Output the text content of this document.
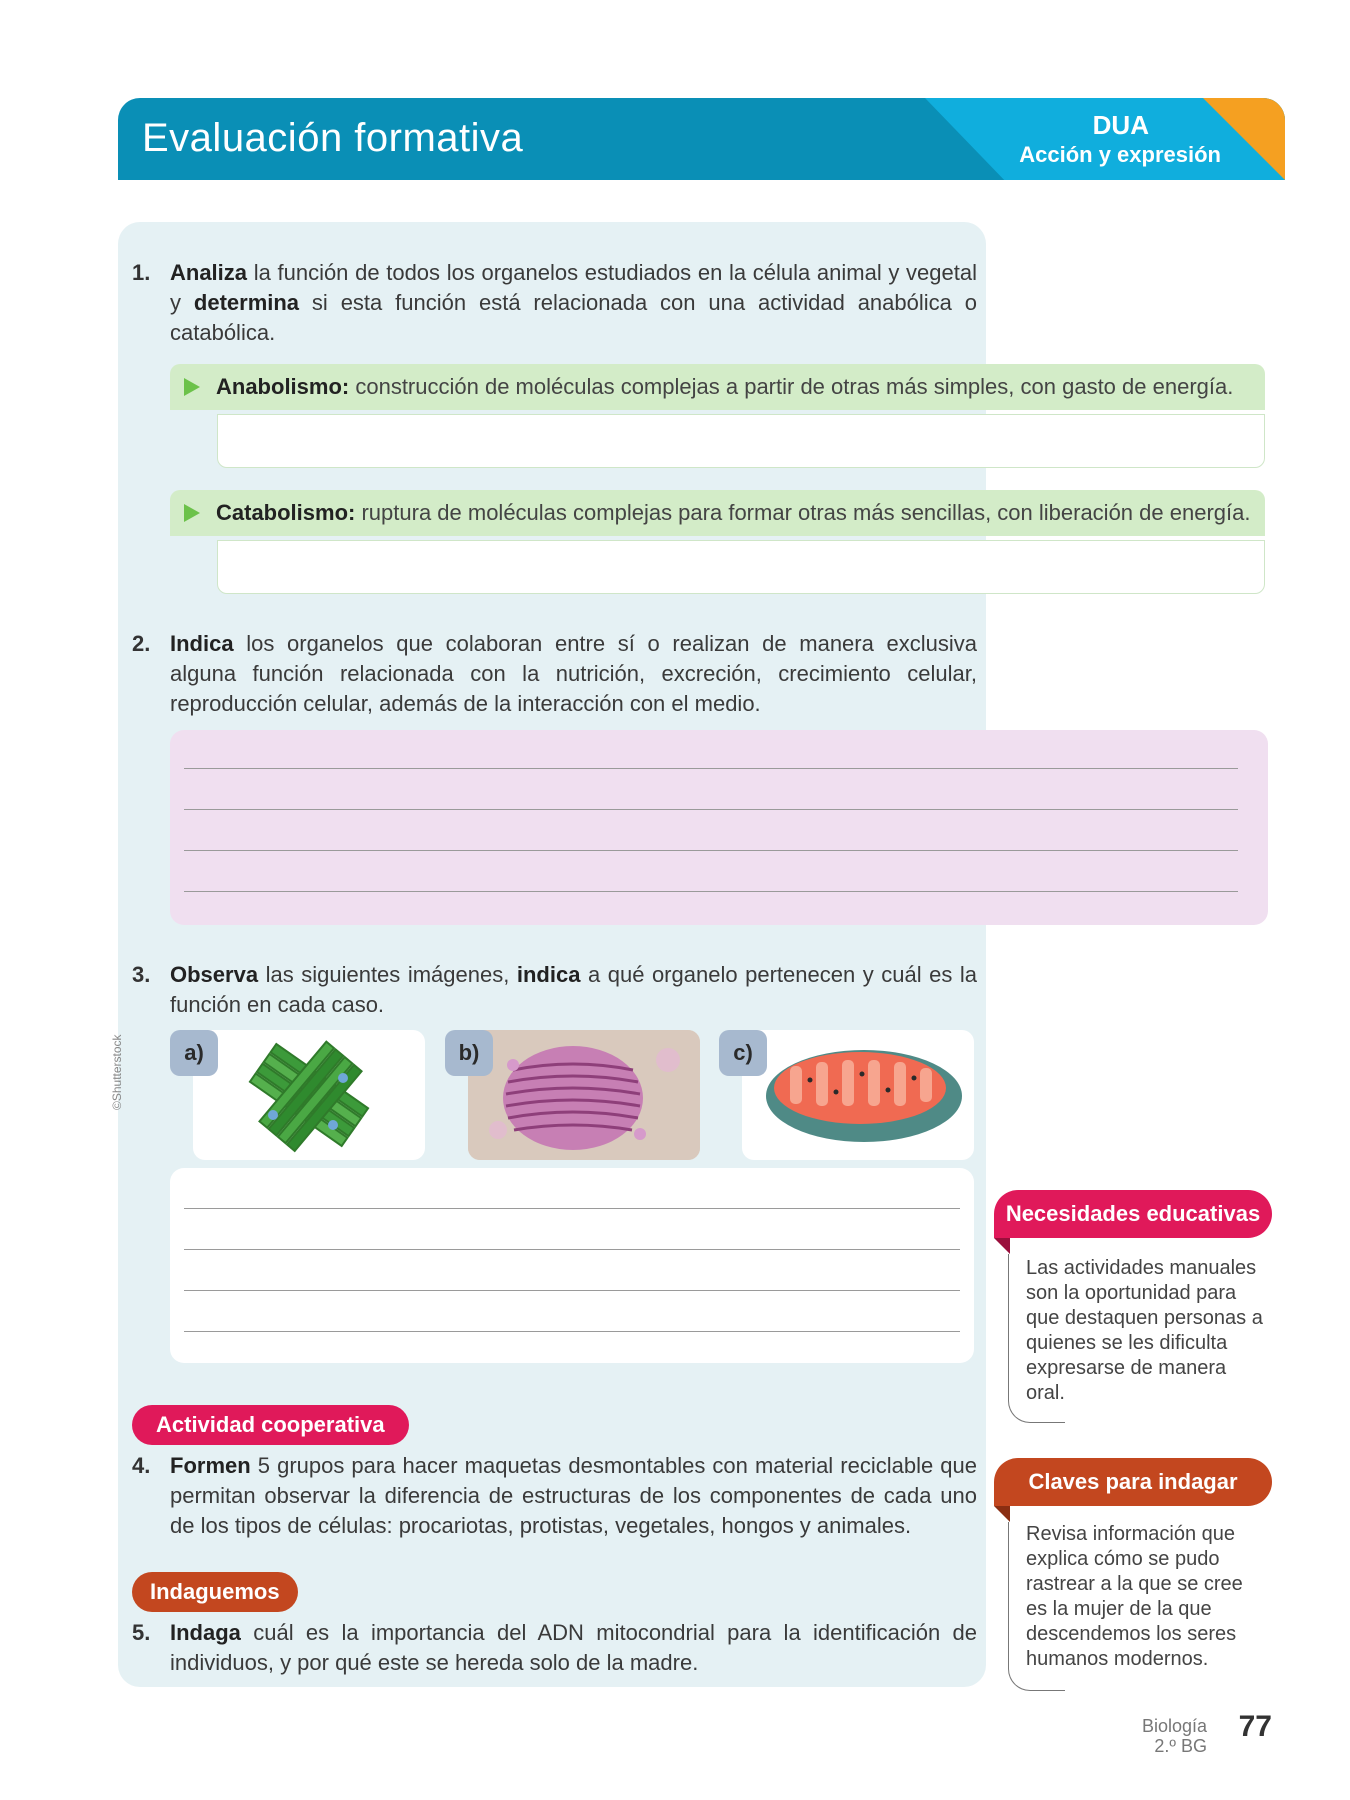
Evaluación formativa	DUA
Acción y expresión
1. Analiza la función de todos los organelos estudiados en la célula animal y vegetal y determina si esta función está relacionada con una actividad anabólica o catabólica.
Anabolismo: construcción de moléculas complejas a partir de otras más simples, con gasto de energía.
Catabolismo: ruptura de moléculas complejas para formar otras más sencillas, con liberación de energía.
2. Indica los organelos que colaboran entre sí o realizan de manera exclusiva alguna función relacionada con la nutrición, excreción, crecimiento celular, reproducción celular, además de la interacción con el medio.
3. Observa las siguientes imágenes, indica a qué organelo pertenecen y cuál es la función en cada caso.
©Shutterstock	a)	b)	c)
Actividad cooperativa
4. Formen 5 grupos para hacer maquetas desmontables con material reciclable que permitan observar la diferencia de estructuras de los componentes de cada uno de los tipos de células: procariotas, protistas, vegetales, hongos y animales.
Indaguemos
5. Indaga cuál es la importancia del ADN mitocondrial para la identificación de individuos, y por qué este se hereda solo de la madre.
Necesidades educativas
Las actividades manuales son la oportunidad para que destaquen personas a quienes se les dificulta expresarse de manera oral.
Claves para indagar
Revisa información que explica cómo se pudo rastrear a la que se cree es la mujer de la que descendemos los seres humanos modernos.
Biología
2.º BG
77
